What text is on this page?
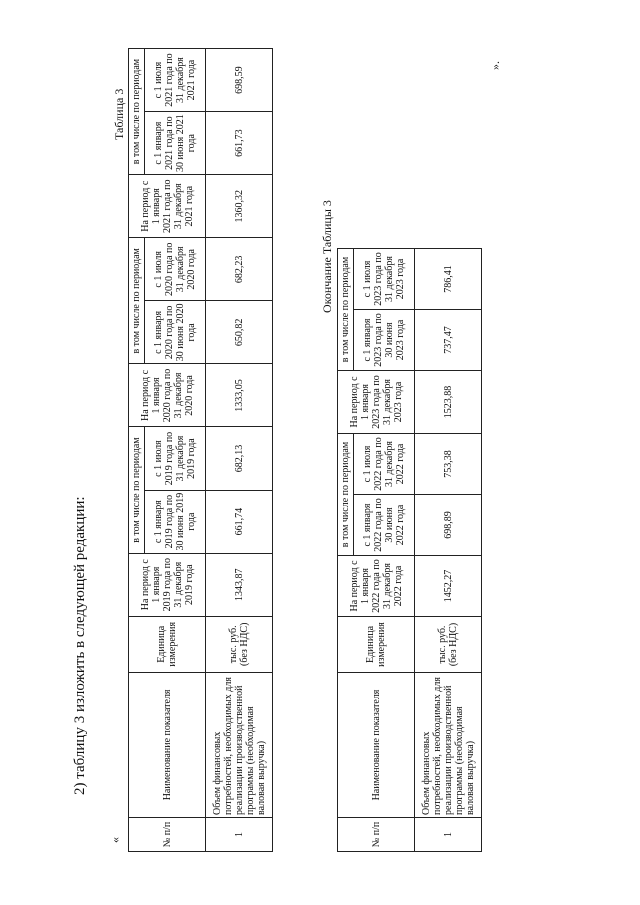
2) таблицу 3 изложить в следующей редакции:
«
Таблица 3
№ п/п	Наименование показателя	Единица измерения	На период с 1 января 2019 года по 31 декабря 2019 года	в том числе по периодам		На период с 1 января 2020 года по 31 декабря 2020 года	в том числе по периодам		На период с 1 января 2021 года по 31 декабря 2021 года	в том числе по периодам	
				с 1 января 2019 года по 30 июня 2019 года	с 1 июля 2019 года по 31 декабря 2019 года		с 1 января 2020 года по 30 июня 2020 года	с 1 июля 2020 года по 31 декабря 2020 года		с 1 января 2021 года по 30 июня 2021 года	с 1 июля 2021 года по 31 декабря 2021 года
1	Объем финансовых потребностей, необходимых для реализации производственной программы (необходимая валовая выручка)	тыс. руб. (без НДС)	1343,87	661,74	682,13	1333,05	650,82	682,23	1360,32	661,73	698,59
Окончание Таблицы 3
№ п/п	Наименование показателя	Единица измерения	На период с 1 января 2022 года по 31 декабря 2022 года	в том числе по периодам		На период с 1 января 2023 года по 31 декабря 2023 года	в том числе по периодам	
				с 1 января 2022 года по 30 июня 2022 года	с 1 июля 2022 года по 31 декабря 2022 года		с 1 января 2023 года по 30 июня 2023 года	с 1 июля 2023 года по 31 декабря 2023 года
1	Объем финансовых потребностей, необходимых для реализации производственной программы (необходимая валовая выручка)	тыс. руб. (без НДС)	1452,27	698,89	753,38	1523,88	737,47	786,41
».
